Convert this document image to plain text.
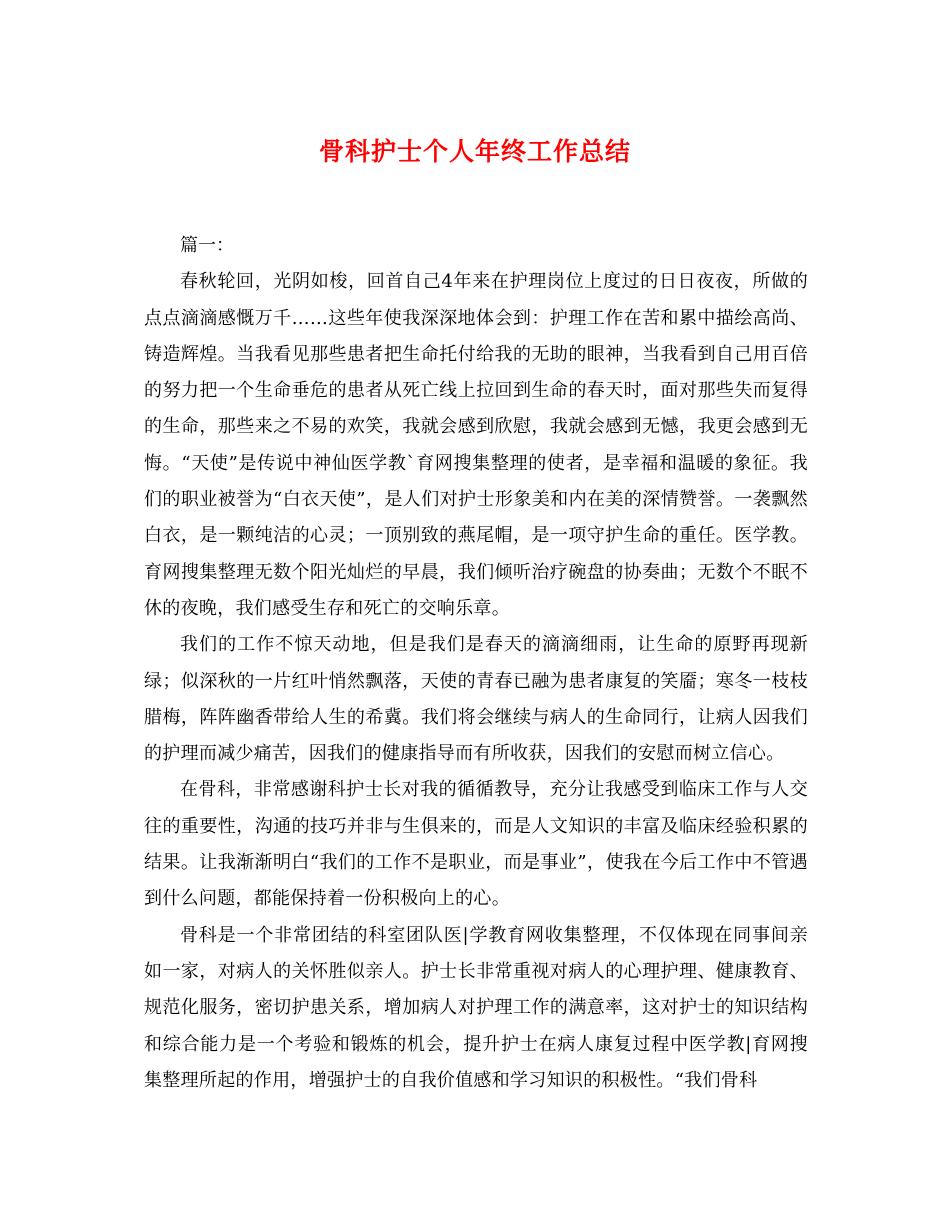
骨科护士个人年终工作总结

篇一：

春秋轮回，光阴如梭，回首自己4年来在护理岗位上度过的日日夜夜，所做的点点滴滴感慨万千……这些年使我深深地体会到：护理工作在苦和累中描绘高尚、铸造辉煌。当我看见那些患者把生命托付给我的无助的眼神，当我看到自己用百倍的努力把一个生命垂危的患者从死亡线上拉回到生命的春天时，面对那些失而复得的生命，那些来之不易的欢笑，我就会感到欣慰，我就会感到无憾，我更会感到无悔。“天使”是传说中神仙医学教`育网搜集整理的使者，是幸福和温暖的象征。我们的职业被誉为“白衣天使”，是人们对护士形象美和内在美的深情赞誉。一袭飘然白衣，是一颗纯洁的心灵；一顶别致的燕尾帽，是一项守护生命的重任。医学教。育网搜集整理无数个阳光灿烂的早晨，我们倾听治疗碗盘的协奏曲；无数个不眠不休的夜晚，我们感受生存和死亡的交响乐章。

我们的工作不惊天动地，但是我们是春天的滴滴细雨，让生命的原野再现新绿；似深秋的一片红叶悄然飘落，天使的青春已融为患者康复的笑靥；寒冬一枝枝腊梅，阵阵幽香带给人生的希冀。我们将会继续与病人的生命同行，让病人因我们的护理而减少痛苦，因我们的健康指导而有所收获，因我们的安慰而树立信心。

在骨科，非常感谢科护士长对我的循循教导，充分让我感受到临床工作与人交往的重要性，沟通的技巧并非与生俱来的，而是人文知识的丰富及临床经验积累的结果。让我渐渐明白“我们的工作不是职业，而是事业”，使我在今后工作中不管遇到什么问题，都能保持着一份积极向上的心。

骨科是一个非常团结的科室团队医|学教育网收集整理，不仅体现在同事间亲如一家，对病人的关怀胜似亲人。护士长非常重视对病人的心理护理、健康教育、规范化服务，密切护患关系，增加病人对护理工作的满意率，这对护士的知识结构和综合能力是一个考验和锻炼的机会，提升护士在病人康复过程中医学教|育网搜集整理所起的作用，增强护士的自我价值感和学习知识的积极性。“我们骨科
